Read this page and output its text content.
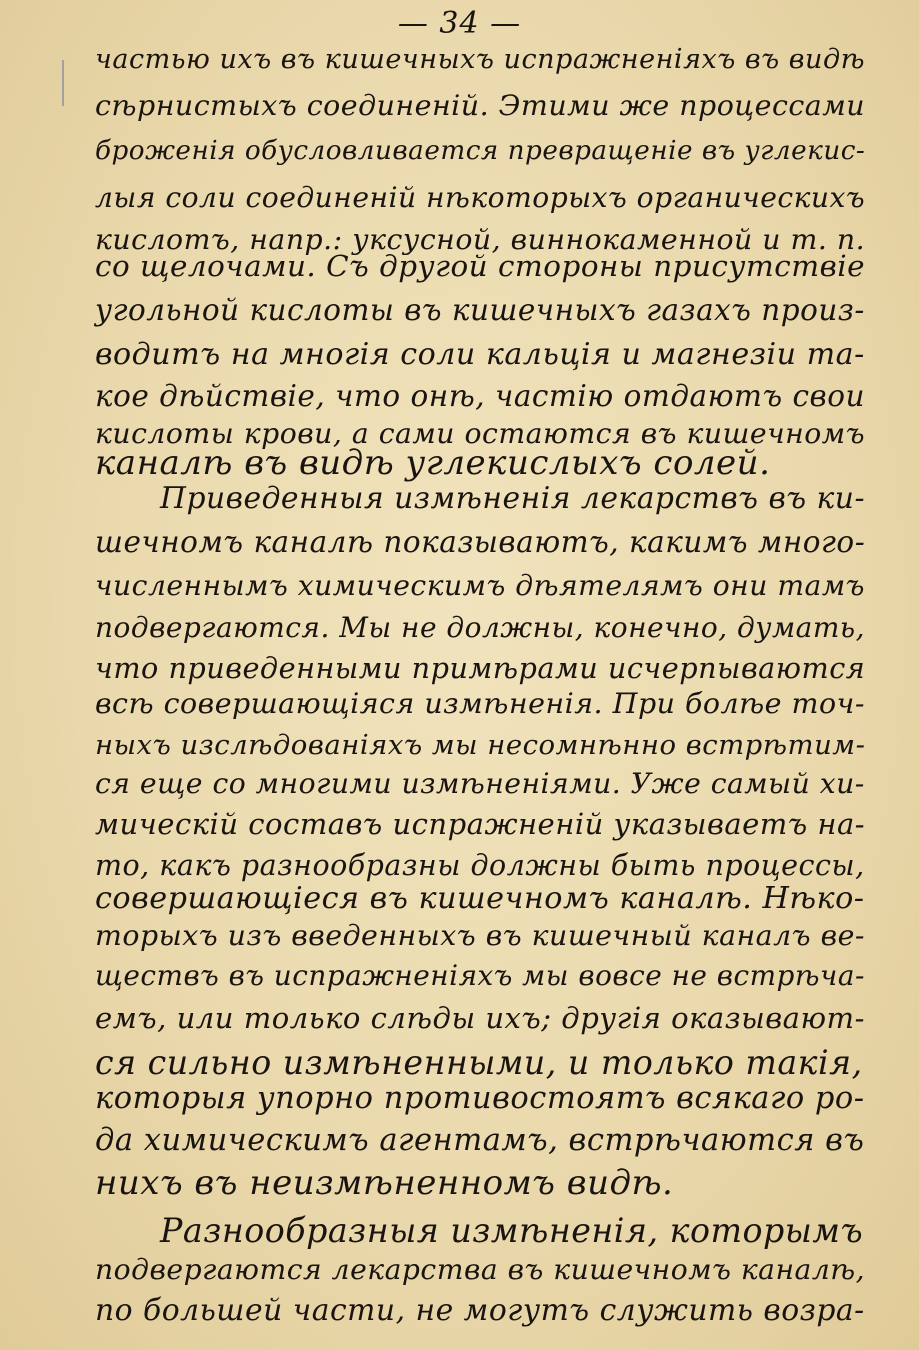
— 34 —
частью ихъ въ кишечныхъ испражненіяхъ въ видѣ
сѣрнистыхъ соединеній. Этими же процессами
броженія обусловливается превращеніе въ углекис-
лыя соли соединеній нѣкоторыхъ органическихъ
кислотъ, напр.: уксусной, виннокаменной и т. п.
со щелочами. Съ другой стороны присутствіе
угольной кислоты въ кишечныхъ газахъ произ-
водитъ на многія соли кальція и магнезіи та-
кое дѣйствіе, что онѣ, частію отдаютъ свои
кислоты крови, а сами остаются въ кишечномъ
каналѣ въ видѣ углекислыхъ солей.
Приведенныя измѣненія лекарствъ въ ки-
шечномъ каналѣ показываютъ, какимъ много-
численнымъ химическимъ дѣятелямъ они тамъ
подвергаются. Мы не должны, конечно, думать,
что приведенными примѣрами исчерпываются
всѣ совершающіяся измѣненія. При болѣе точ-
ныхъ изслѣдованіяхъ мы несомнѣнно встрѣтим-
ся еще со многими измѣненіями. Уже самый хи-
мическій составъ испражненій указываетъ на-
то, какъ разнообразны должны быть процессы,
совершающіеся въ кишечномъ каналѣ. Нѣко-
торыхъ изъ введенныхъ въ кишечный каналъ ве-
ществъ въ испражненіяхъ мы вовсе не встрѣча-
емъ, или только слѣды ихъ; другія оказывают-
ся сильно измѣненными, и только такія,
которыя упорно противостоятъ всякаго ро-
да химическимъ агентамъ, встрѣчаются въ
нихъ въ неизмѣненномъ видѣ.
Разнообразныя измѣненія, которымъ
подвергаются лекарства въ кишечномъ каналѣ,
по большей части, не могутъ служить возра-
